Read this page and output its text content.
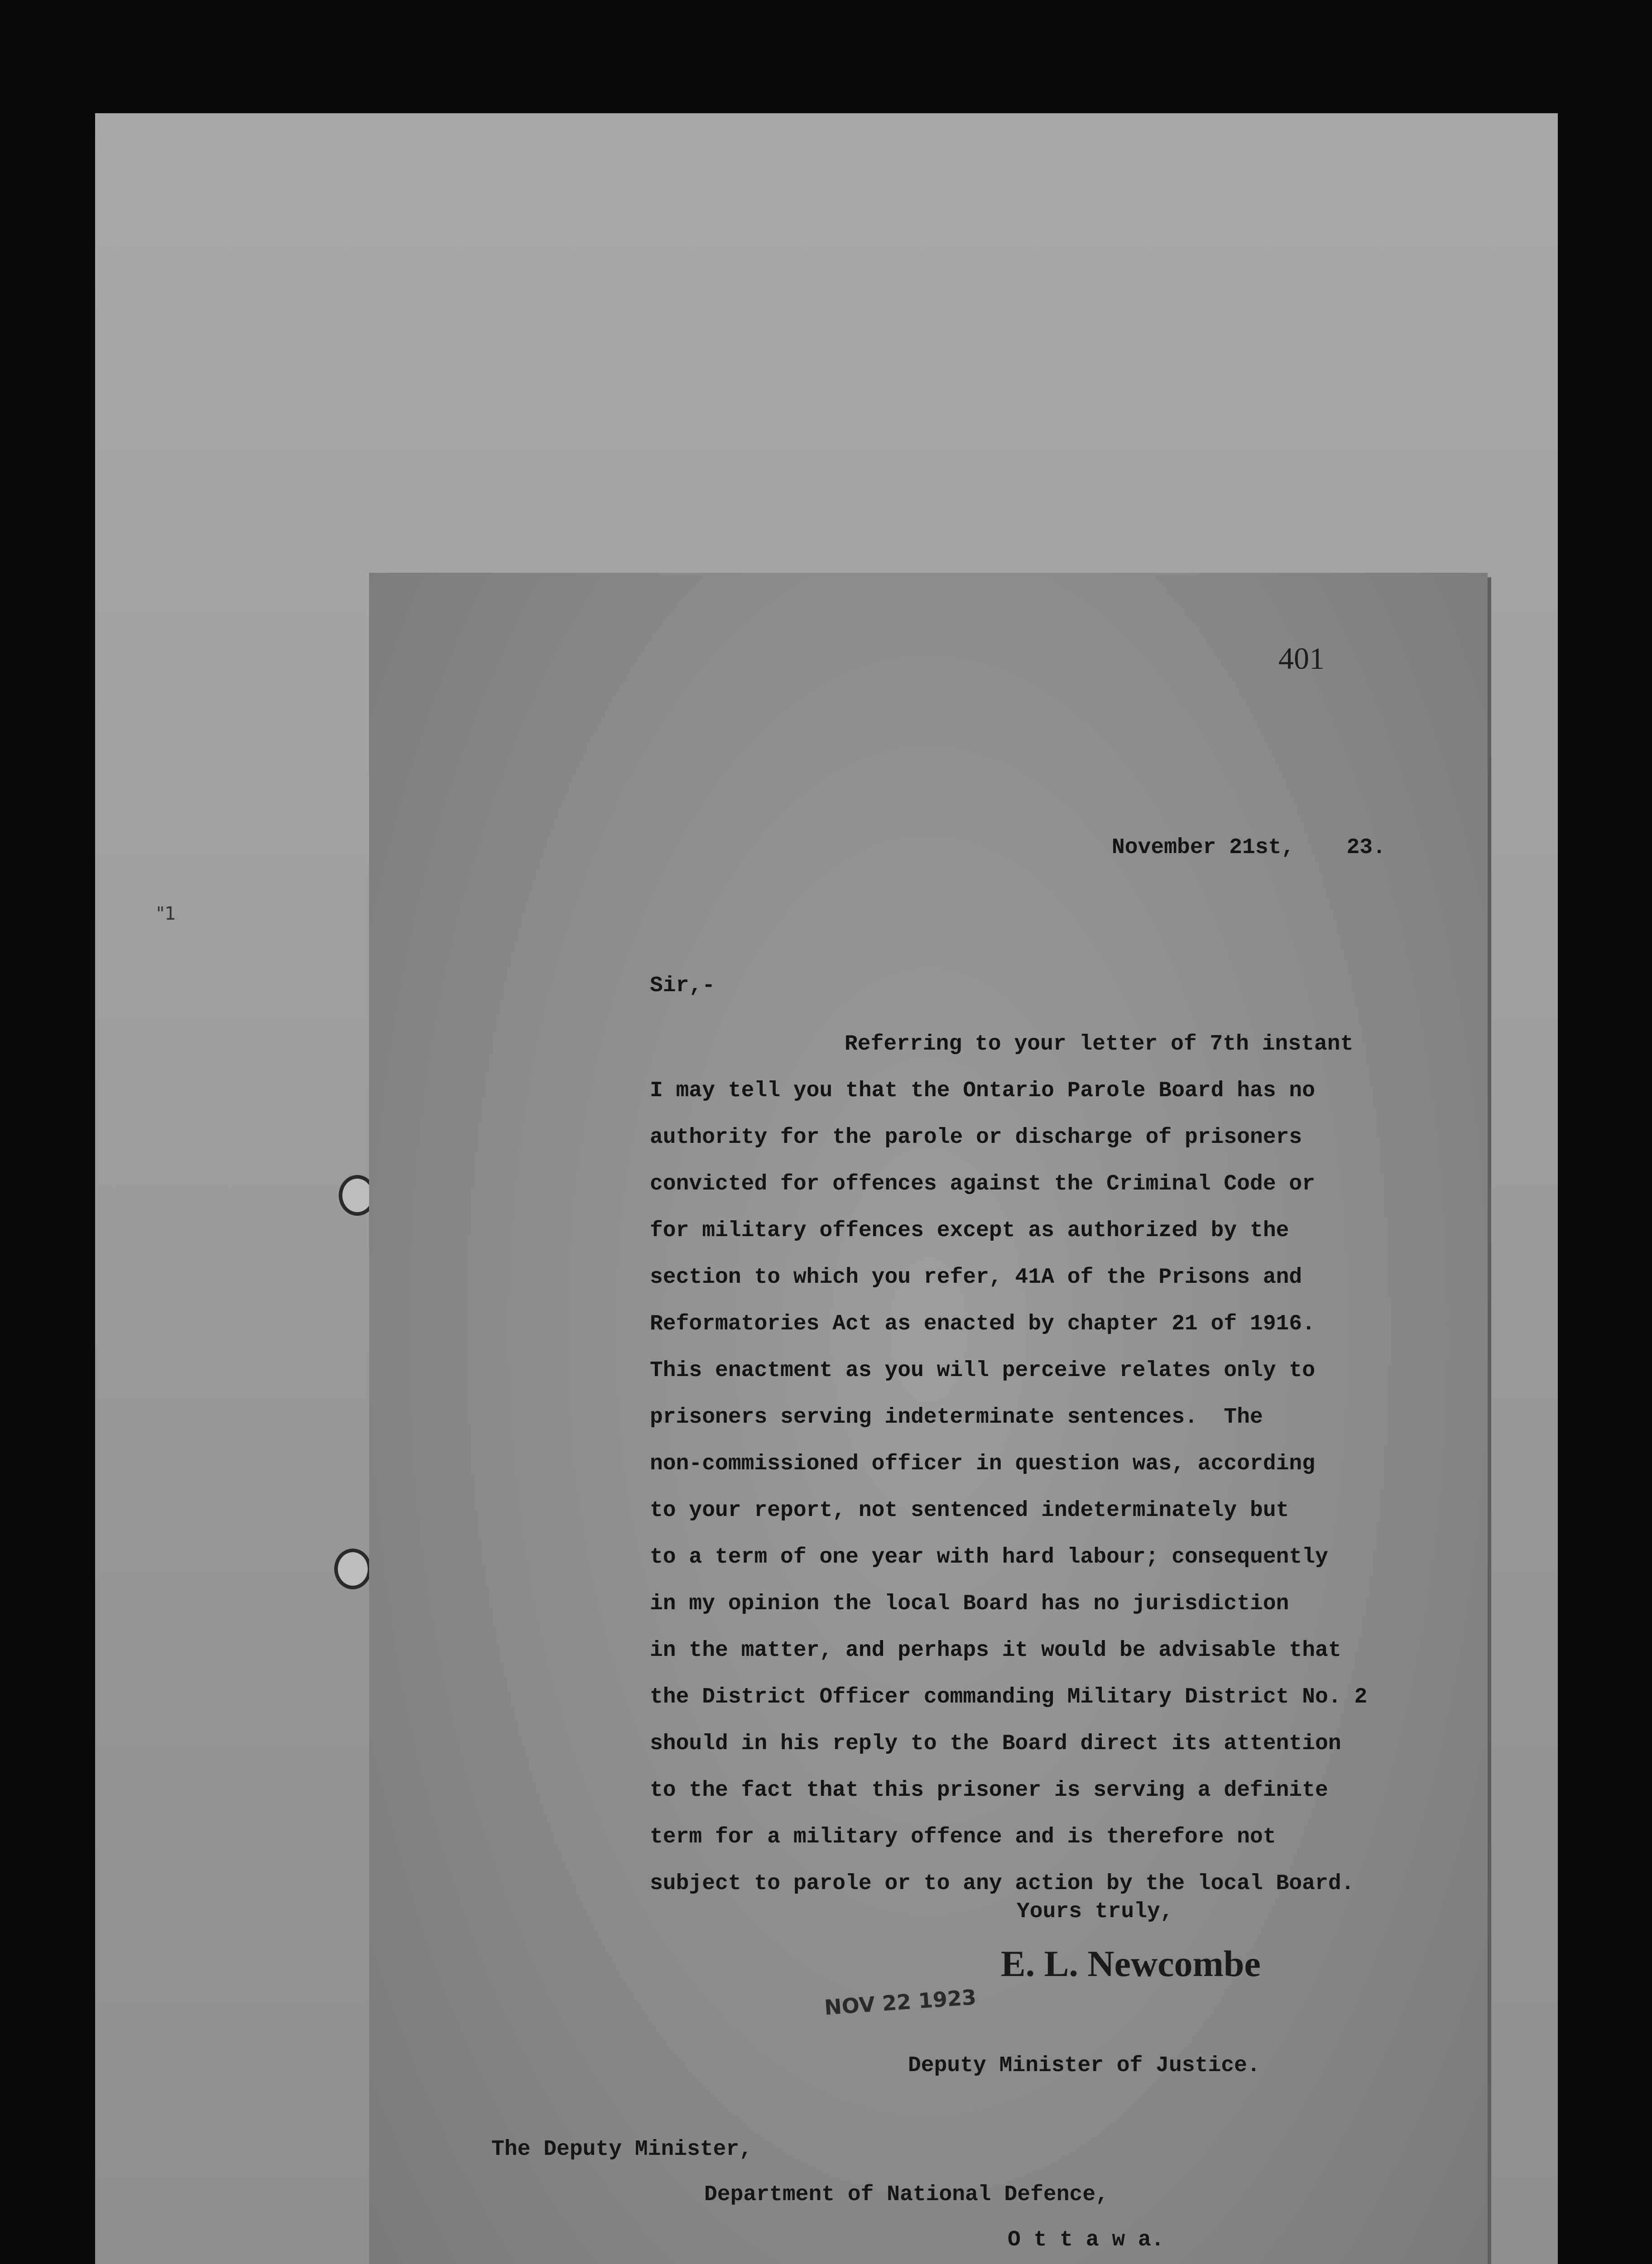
"1
401
November 21st,    23.
Sir,-
Referring to your letter of 7th instant
I may tell you that the Ontario Parole Board has no
authority for the parole or discharge of prisoners
convicted for offences against the Criminal Code or
for military offences except as authorized by the
section to which you refer, 41A of the Prisons and
Reformatories Act as enacted by chapter 21 of 1916.
This enactment as you will perceive relates only to
prisoners serving indeterminate sentences.  The
non-commissioned officer in question was, according
to your report, not sentenced indeterminately but
to a term of one year with hard labour; consequently
in my opinion the local Board has no jurisdiction
in the matter, and perhaps it would be advisable that
the District Officer commanding Military District No. 2
should in his reply to the Board direct its attention
to the fact that this prisoner is serving a definite
term for a military offence and is therefore not
subject to parole or to any action by the local Board.
Yours truly,
E. L. Newcombe
NOV 22 1923
Deputy Minister of Justice.
The Deputy Minister,
Department of National Defence,
O t t a w a.
